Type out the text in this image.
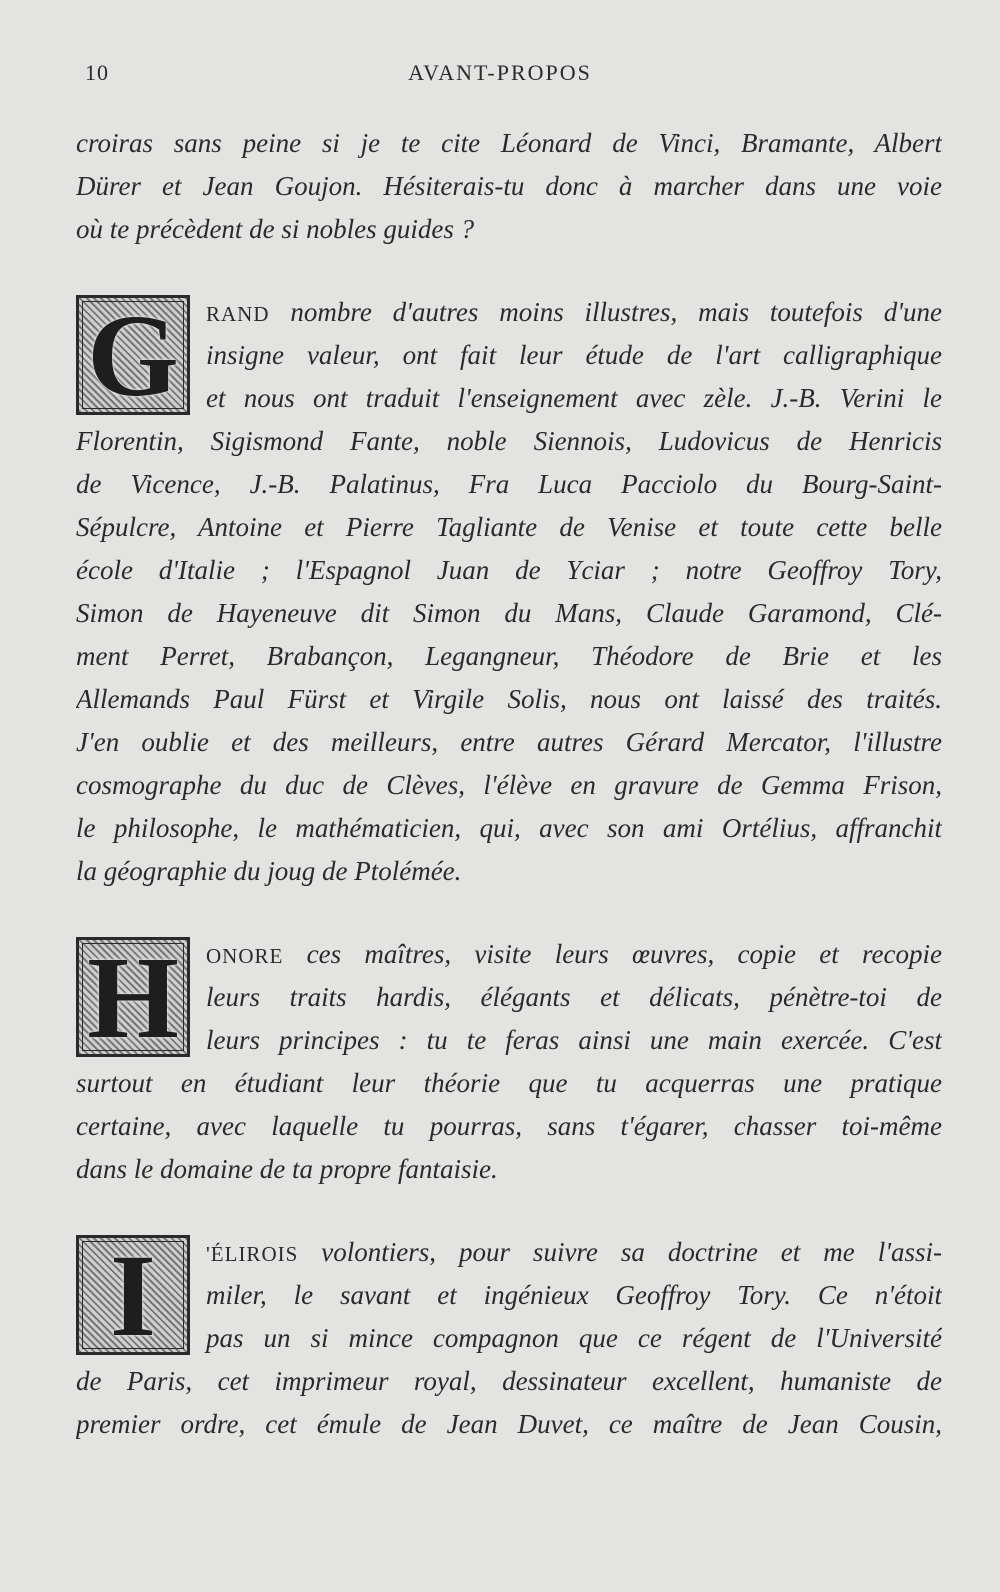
10	AVANT-PROPOS
croiras sans peine si je te cite Léonard de Vinci, Bramante, Albert
Dürer et Jean Goujon. Hésiterais-tu donc à marcher dans une voie
où te précèdent de si nobles guides ?
G	RAND nombre d'autres moins illustres, mais toutefois d'une
insigne valeur, ont fait leur étude de l'art calligraphique
et nous ont traduit l'enseignement avec zèle. J.-B. Verini le
Florentin, Sigismond Fante, noble Siennois, Ludovicus de Henricis
de Vicence, J.-B. Palatinus, Fra Luca Pacciolo du Bourg-Saint-
Sépulcre, Antoine et Pierre Tagliante de Venise et toute cette belle
école d'Italie ; l'Espagnol Juan de Yciar ; notre Geoffroy Tory,
Simon de Hayeneuve dit Simon du Mans, Claude Garamond, Clé-
ment Perret, Brabançon, Legangneur, Théodore de Brie et les
Allemands Paul Fürst et Virgile Solis, nous ont laissé des traités.
J'en oublie et des meilleurs, entre autres Gérard Mercator, l'illustre
cosmographe du duc de Clèves, l'élève en gravure de Gemma Frison,
le philosophe, le mathématicien, qui, avec son ami Ortélius, affranchit
la géographie du joug de Ptolémée.
H	ONORE ces maîtres, visite leurs œuvres, copie et recopie
leurs traits hardis, élégants et délicats, pénètre-toi de
leurs principes : tu te feras ainsi une main exercée. C'est
surtout en étudiant leur théorie que tu acquerras une pratique
certaine, avec laquelle tu pourras, sans t'égarer, chasser toi-même
dans le domaine de ta propre fantaisie.
I	'ÉLIROIS volontiers, pour suivre sa doctrine et me l'assi-
miler, le savant et ingénieux Geoffroy Tory. Ce n'étoit
pas un si mince compagnon que ce régent de l'Université
de Paris, cet imprimeur royal, dessinateur excellent, humaniste de
premier ordre, cet émule de Jean Duvet, ce maître de Jean Cousin,
